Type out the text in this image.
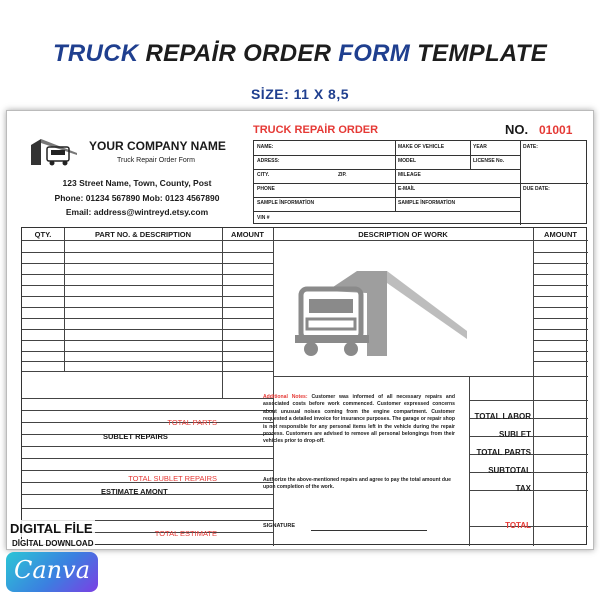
TRUCK REPAİR ORDER FORM TEMPLATE
SİZE: 11 X 8,5
YOUR COMPANY NAME
Truck Repair Order Form
123 Street Name, Town, County, Post
Phone: 01234 567890 Mob: 0123 4567890
Email: address@wintreyd.etsy.com
TRUCK REPAİR ORDER	NO. 01001
NAME:	MAKE OF VEHICLE	YEAR	DATE:
ADRESS:	MODEL	LICENSE No.
CITY.	ZIP.	MILEAGE
PHONE	E-MAİL	DUE DATE:
SAMPLE İNFORMATİON	SAMPLE İNFORMATİON
VIN #
QTY.	PART NO. & DESCRIPTION	AMOUNT	DESCRIPTION OF WORK	AMOUNT
TOTAL PARTS
SUBLET REPAIRS
TOTAL SUBLET REPAIRS
ESTIMATE AMONT
TOTAL ESTIMATE
Additional Notes: Customer was informed of all necessary repairs and associated costs before work commenced. Customer expressed concerns about unusual noises coming from the engine compartment. Customer requested a detailed invoice for insurance purposes. The garage or repair shop is not responsible for any personal items left in the vehicle during the repair process. Customers are advised to remove all personal belongings from their vehicles prior to drop-off.
Authorize the above-mentioned repairs and agree to pay the total amount due upon completion of the work.
SIGNATURE
TOTAL LABOR
SUBLET
TOTAL PARTS
SUBTOTAL
TAX
TOTAL
DIGITAL FİLE
DİGİTAL DOWNLOAD
Canva
